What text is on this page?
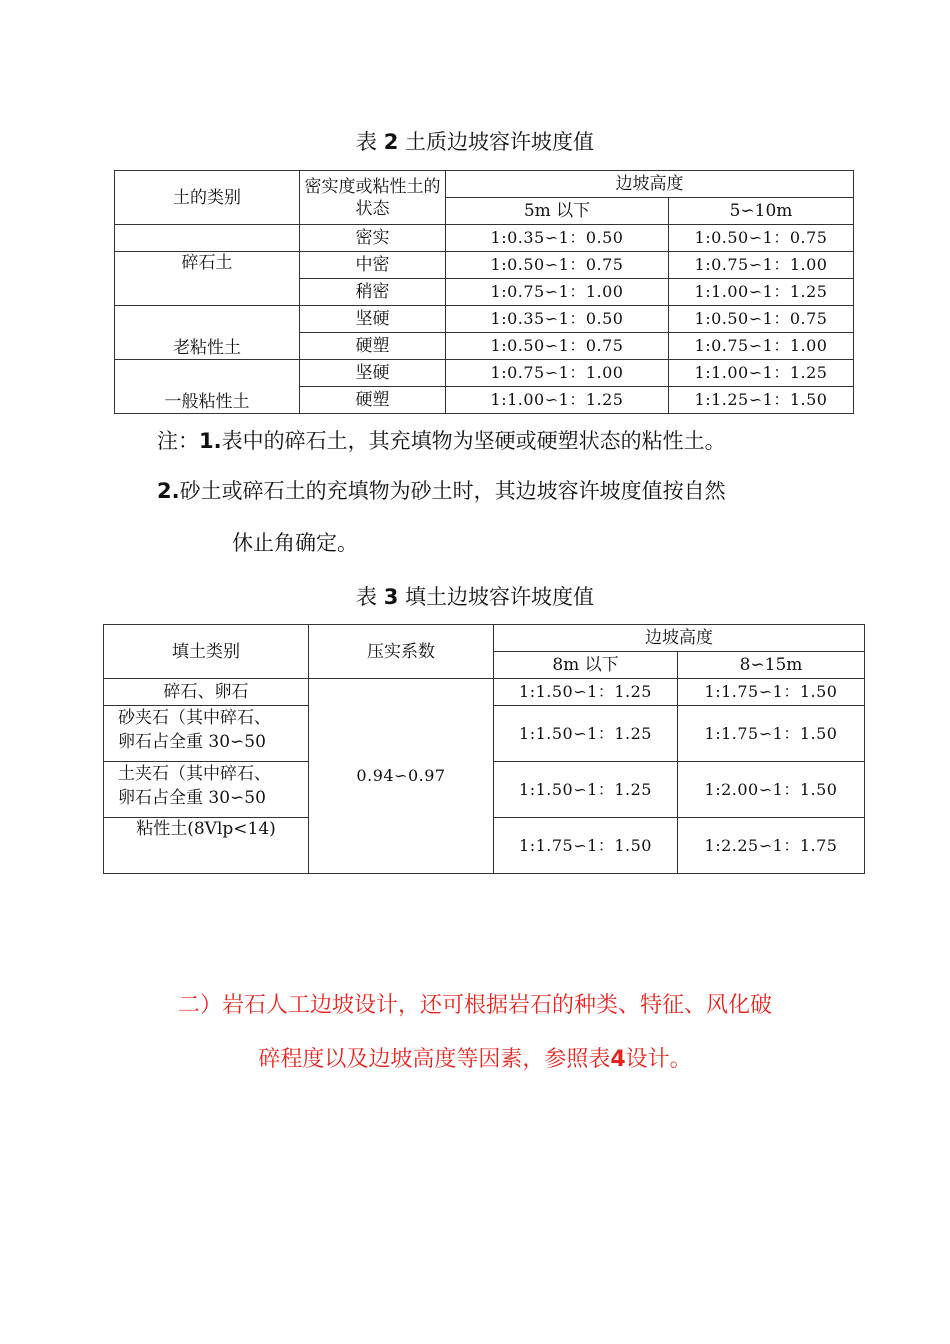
表 2 土质边坡容许坡度值
土的类别	密实度或粘性土的状态	边坡高度	
		5m 以下	5∽10m
	密实	1:0.35∽1：0.50	1:0.50∽1：0.75
碎石土	中密	1:0.50∽1：0.75	1:0.75∽1：1.00
	稍密	1:0.75∽1：1.00	1:1.00∽1：1.25
老粘性土	坚硬	1:0.35∽1：0.50	1:0.50∽1：0.75
	硬塑	1:0.50∽1：0.75	1:0.75∽1：1.00
一般粘性土	坚硬	1:0.75∽1：1.00	1:1.00∽1：1.25
	硬塑	1:1.00∽1：1.25	1:1.25∽1：1.50
注：1.表中的碎石土，其充填物为坚硬或硬塑状态的粘性土。
2.砂土或碎石土的充填物为砂土时，其边坡容许坡度值按自然
休止角确定。
表 3 填土边坡容许坡度值
填土类别	压实系数	边坡高度	
		8m 以下	8∽15m
碎石、卵石	0.94∽0.97	1:1.50∽1：1.25	1:1.75∽1：1.50

砂夹石（其中碎石、
卵石占全重 30∽50		1:1.50∽1：1.25	1:1.75∽1：1.50

土夹石（其中碎石、
卵石占全重 30∽50		1:1.50∽1：1.25	1:2.00∽1：1.50
粘性土(8Vlp<14)		1:1.75∽1：1.50	1:2.25∽1：1.75
二）岩石人工边坡设计，还可根据岩石的种类、特征、风化破
碎程度以及边坡高度等因素，参照表4设计。
